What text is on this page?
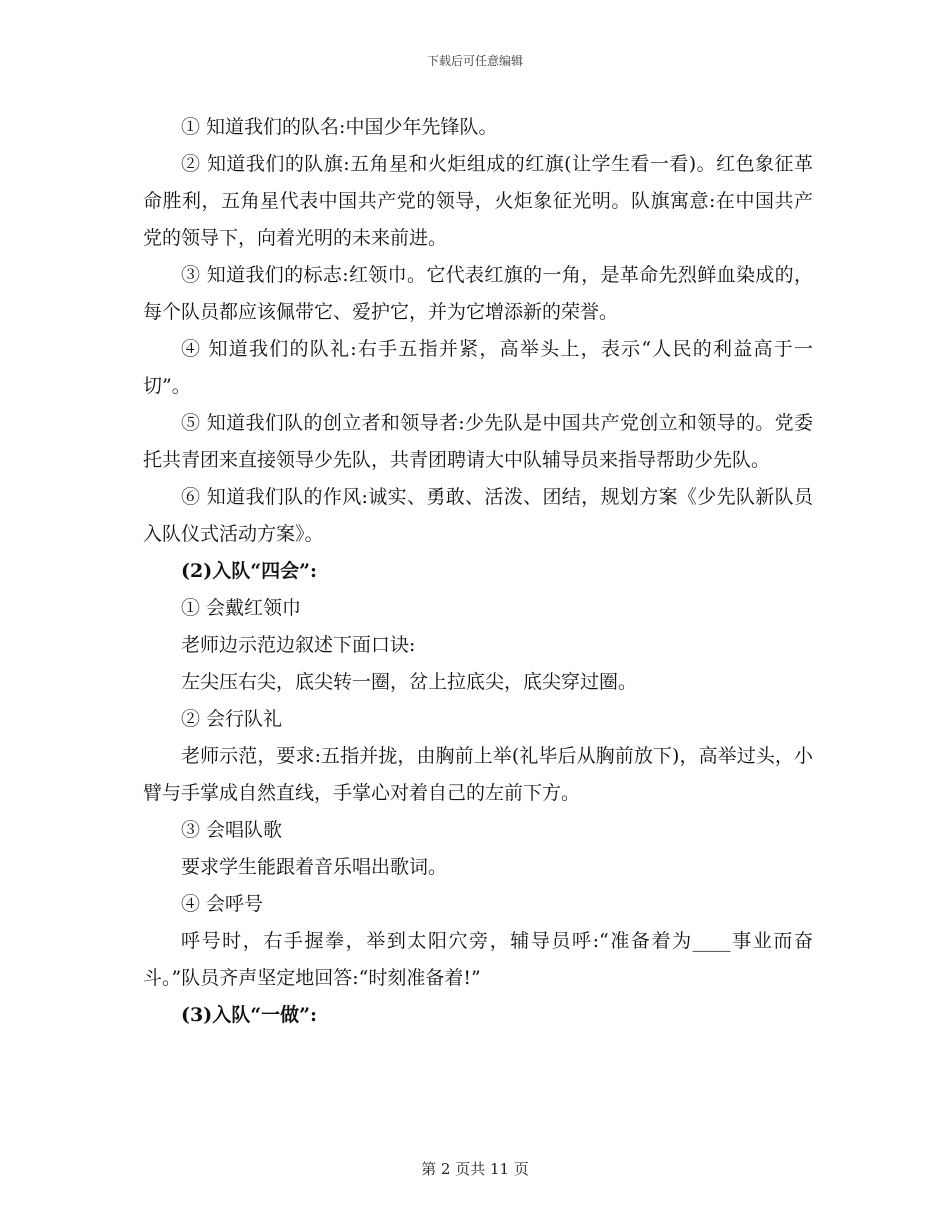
下载后可任意编辑

① 知道我们的队名:中国少年先锋队。

② 知道我们的队旗:五角星和火炬组成的红旗(让学生看一看)。红色象征革命胜利，五角星代表中国共产党的领导，火炬象征光明。队旗寓意:在中国共产党的领导下，向着光明的未来前进。

③ 知道我们的标志:红领巾。它代表红旗的一角，是革命先烈鲜血染成的，每个队员都应该佩带它、爱护它，并为它增添新的荣誉。

④ 知道我们的队礼:右手五指并紧，高举头上，表示“人民的利益高于一切”。

⑤ 知道我们队的创立者和领导者:少先队是中国共产党创立和领导的。党委托共青团来直接领导少先队，共青团聘请大中队辅导员来指导帮助少先队。

⑥ 知道我们队的作风:诚实、勇敢、活泼、团结，规划方案《少先队新队员入队仪式活动方案》。

(2)入队“四会”:

① 会戴红领巾

老师边示范边叙述下面口诀:

左尖压右尖，底尖转一圈，岔上拉底尖，底尖穿过圈。

② 会行队礼

老师示范，要求:五指并拢，由胸前上举(礼毕后从胸前放下)，高举过头，小臂与手掌成自然直线，手掌心对着自己的左前下方。

③ 会唱队歌

要求学生能跟着音乐唱出歌词。

④ 会呼号

呼号时，右手握拳，举到太阳穴旁，辅导员呼:“准备着为____事业而奋斗。”队员齐声坚定地回答:“时刻准备着!”

(3)入队“一做”:

第 2 页共 11 页
